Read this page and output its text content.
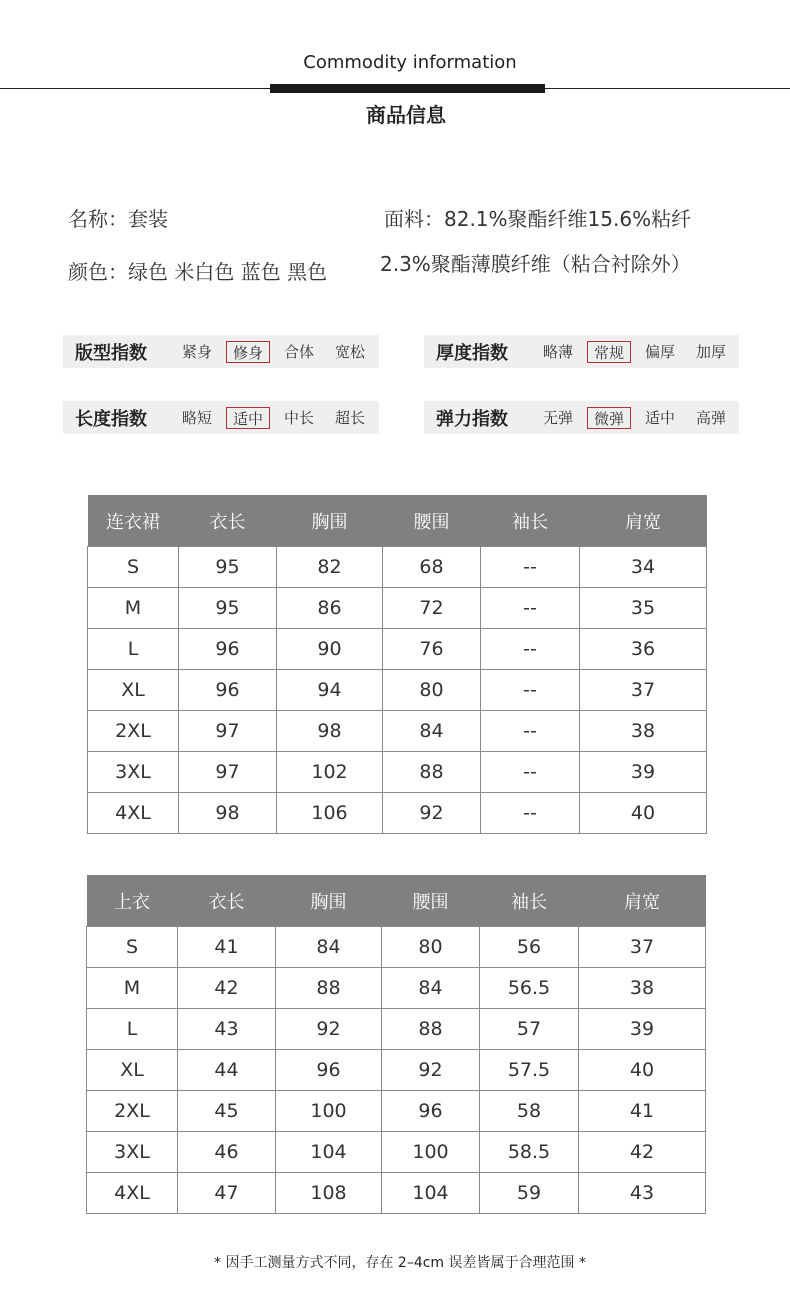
Commodity information
商品信息
名称：套装	面料：82.1%聚酯纤维15.6%粘纤
颜色：绿色 米白色 蓝色 黑色	2.3%聚酯薄膜纤维（粘合衬除外）
版型指数	紧身	修身	合体	宽松	厚度指数	略薄	常规	偏厚	加厚
长度指数	略短	适中	中长	超长	弹力指数	无弹	微弹	适中	高弹
连衣裙	衣长	胸围	腰围	袖长	肩宽
S	95	82	68	--	34
M	95	86	72	--	35
L	96	90	76	--	36
XL	96	94	80	--	37
2XL	97	98	84	--	38
3XL	97	102	88	--	39
4XL	98	106	92	--	40
上衣	衣长	胸围	腰围	袖长	肩宽
S	41	84	80	56	37
M	42	88	84	56.5	38
L	43	92	88	57	39
XL	44	96	92	57.5	40
2XL	45	100	96	58	41
3XL	46	104	100	58.5	42
4XL	47	108	104	59	43
* 因手工测量方式不同，存在 2–4cm 误差皆属于合理范围 *
